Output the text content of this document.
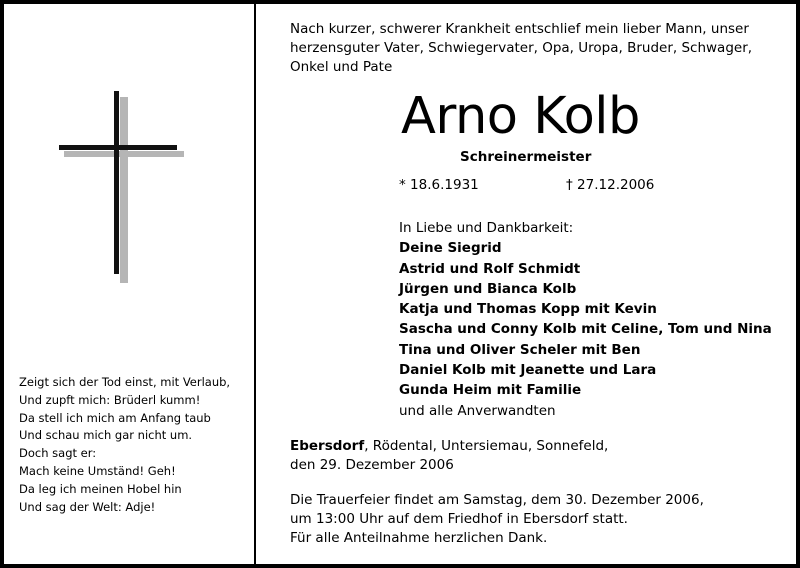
Zeigt sich der Tod einst, mit Verlaub,
Und zupft mich: Brüderl kumm!
Da stell ich mich am Anfang taub
Und schau mich gar nicht um.
Doch sagt er:
Mach keine Umständ! Geh!
Da leg ich meinen Hobel hin
Und sag der Welt: Adje!
Nach kurzer, schwerer Krankheit entschlief mein lieber Mann, unser
herzensguter Vater, Schwiegervater, Opa, Uropa, Bruder, Schwager,
Onkel und Pate
Arno Kolb
Schreinermeister
* 18.6.1931	† 27.12.2006
In Liebe und Dankbarkeit:
Deine Siegrid
Astrid und Rolf Schmidt
Jürgen und Bianca Kolb
Katja und Thomas Kopp mit Kevin
Sascha und Conny Kolb mit Celine, Tom und Nina
Tina und Oliver Scheler mit Ben
Daniel Kolb mit Jeanette und Lara
Gunda Heim mit Familie
und alle Anverwandten
Ebersdorf, Rödental, Untersiemau, Sonnefeld,
den 29. Dezember 2006
Die Trauerfeier findet am Samstag, dem 30. Dezember 2006,
um 13:00 Uhr auf dem Friedhof in Ebersdorf statt.
Für alle Anteilnahme herzlichen Dank.
